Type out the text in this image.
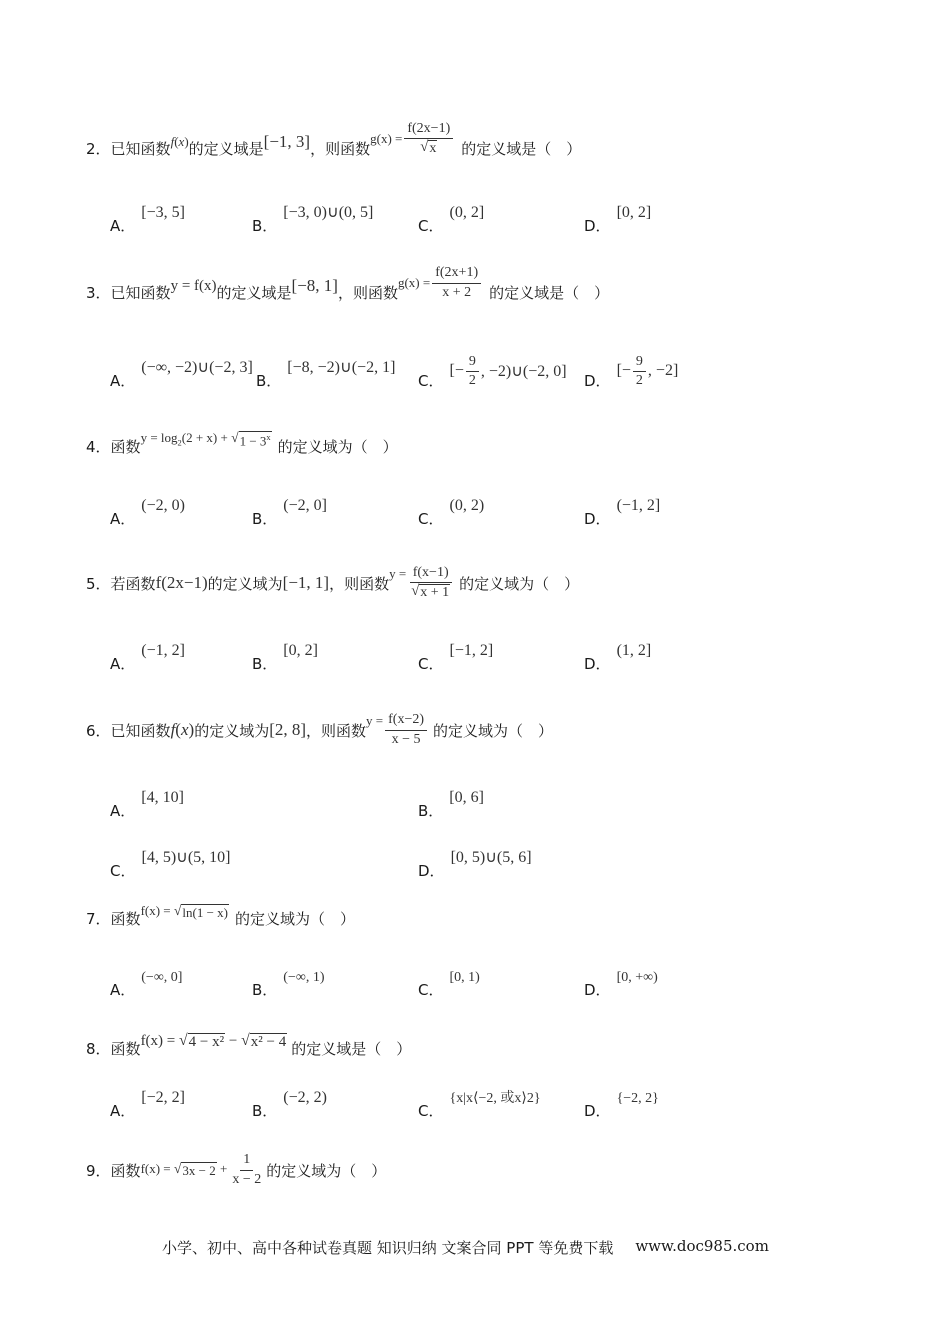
2． 已知函数 f(x) 的定义域是 [−1, 3] ，则函数
$g(x) = \frac{f(2x-1)}{√ x}$ 的定义域是（　）
A．
[−3, 5]
B．
[−3, 0)∪(0, 5]
C．
(0, 2]
D．
[0, 2]
3． 已知函数 y = f(x) 的定义域是 [−8, 1] ，则函数
$g(x) = \frac{f(2x+1)}{x + 2}$ 的定义域是（　）
A．
(−∞, −2)∪(−2, 3]
B．
[−8, −2)∪(−2, 1]
C．
[− $\frac{9}{2}$ , −2)∪(−2, 0]
D．
[− $\frac{9}{2}$ , −2]
4． 函数 $y = \log_2(2 + x)$ + √ $1 - 3^x$
的定义域为（　）
A．
(−2, 0)
B．
(−2, 0]
C．
(0, 2)
D．
(−1, 2]
5． 若函数 f(2x−1) 的定义域为 [−1, 1] ，则函数
$y = \frac{f(x-1)}{√ x + 1}$ 的定义域为（　）
A．
(−1, 2]
B．
[0, 2]
C．
[−1, 2]
D．
(1, 2]
6． 已知函数 f(x) 的定义域为 [2, 8] ，则函数
$y = \frac{f(x-2)}{x - 5}$ 的定义域为（　）
A．
[4, 10]
B．
[0, 6]
C．
[4, 5)∪(5, 10]
D．
[0, 5)∪(5, 6]
7． 函数 f(x) = √ ln(1 − x) 的定义域为（　）
A．
(−∞, 0]
B．
(−∞, 1)
C．
[0, 1)
D．
[0, +∞)
8． 函数 f(x) = √ 4 − x² − √ x² − 4 的定义域是（　）
A．
[−2, 2]
B．
(−2, 2)
C．
{x|x⟨−2, 或x⟩2}
D．
{−2, 2}
9． 函数 f(x) = √ $3x - 2 + \frac{1}{x - 2}$ 的定义域为（　）
小学、初中、高中各种试卷真题 知识归纳 文案合同 PPT 等免费下载 www.doc985.com
